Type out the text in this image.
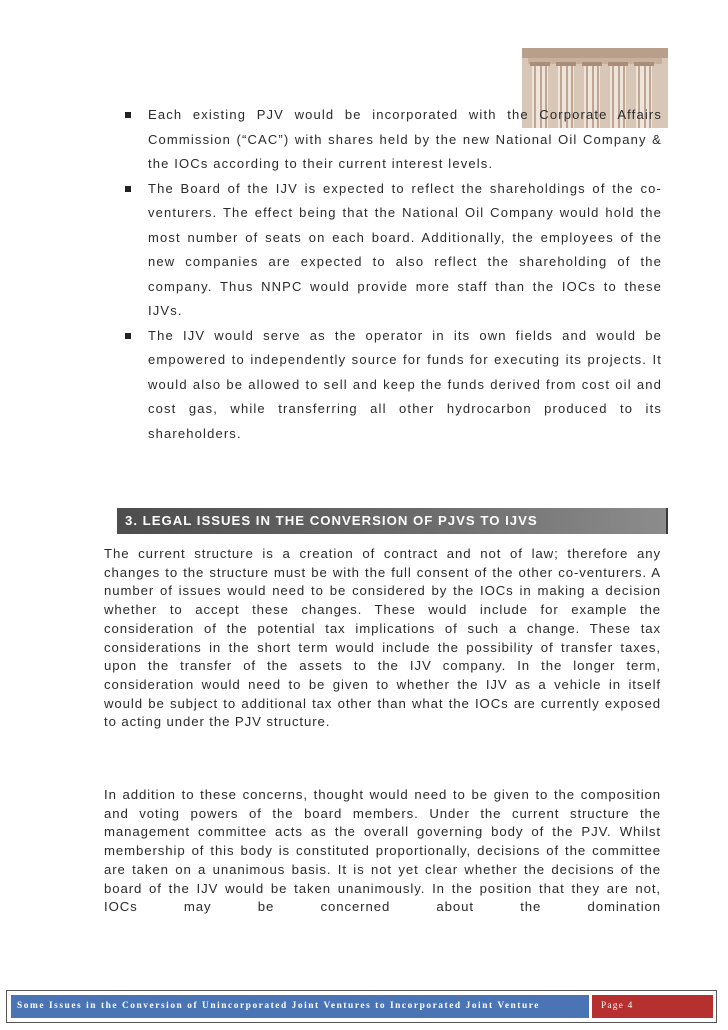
Each existing PJV would be incorporated with the Corporate Affairs Commission (“CAC”) with shares held by the new National Oil Company & the IOCs according to their current interest levels.
The Board of the IJV is expected to reflect the shareholdings of the co-venturers. The effect being that the National Oil Company would hold the most number of seats on each board. Additionally, the employees of the new companies are expected to also reflect the shareholding of the company. Thus NNPC would provide more staff than the IOCs to these IJVs.
The IJV would serve as the operator in its own fields and would be empowered to independently source for funds for executing its projects. It would also be allowed to sell and keep the funds derived from cost oil and cost gas, while transferring all other hydrocarbon produced to its shareholders.
3. LEGAL ISSUES IN THE CONVERSION OF PJVS TO IJVS

The current structure is a creation of contract and not of law; therefore any changes to the structure must be with the full consent of the other co-venturers. A number of issues would need to be considered by the IOCs in making a decision whether to accept these changes. These would include for example the consideration of the potential tax implications of such a change. These tax considerations in the short term would include the possibility of transfer taxes, upon the transfer of the assets to the IJV company. In the longer term, consideration would need to be given to whether the IJV as a vehicle in itself would be subject to additional tax other than what the IOCs are currently exposed to acting under the PJV structure.

In addition to these concerns, thought would need to be given to the composition and voting powers of the board members. Under the current structure the management committee acts as the overall governing body of the PJV. Whilst membership of this body is constituted proportionally, decisions of the committee are taken on a unanimous basis. It is not yet clear whether the decisions of the board of the IJV would be taken unanimously. In the position that they are not, IOCs may be concerned about the domination

Some Issues in the Conversion of Unincorporated Joint Ventures to Incorporated Joint Venture	Page 4
